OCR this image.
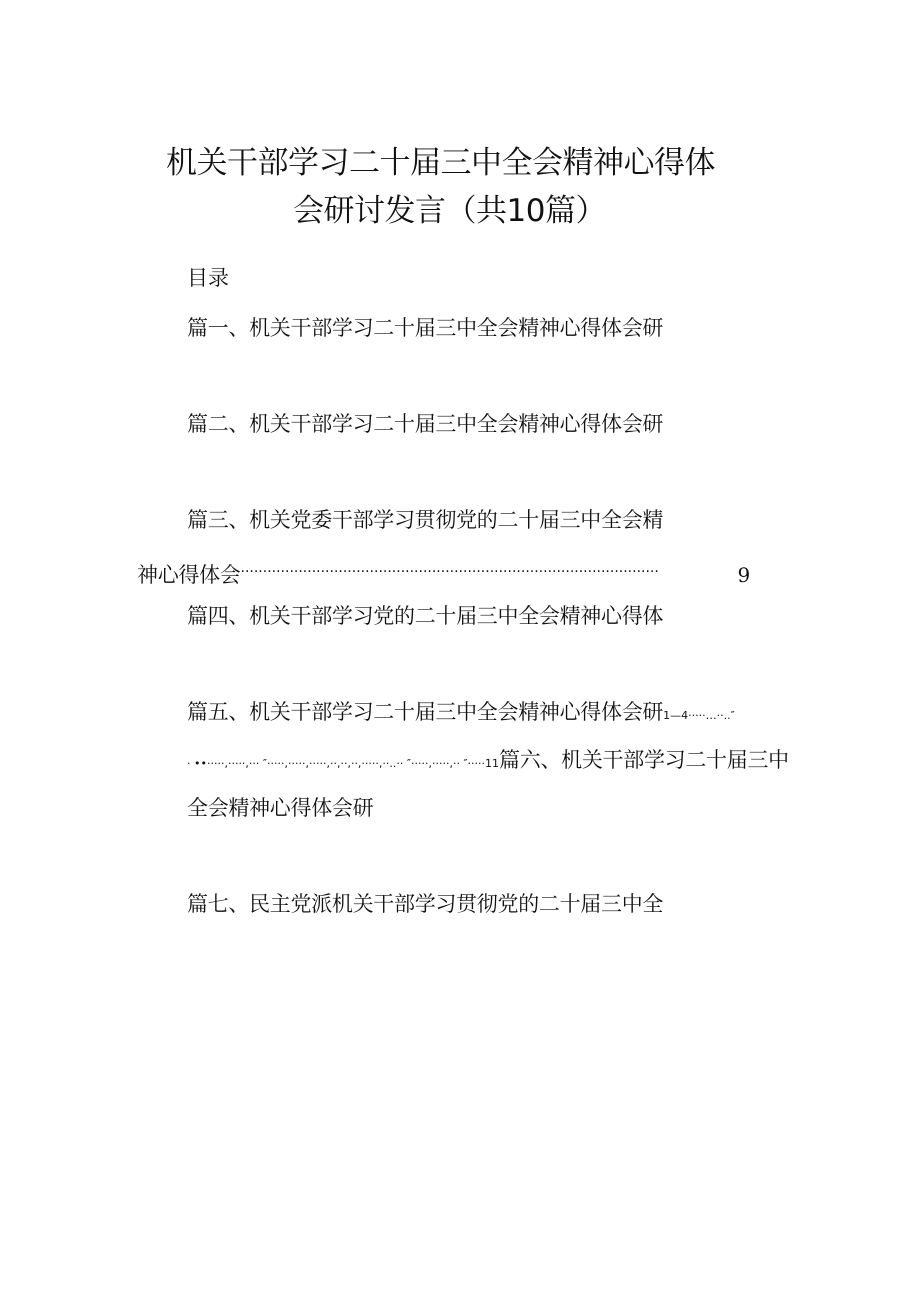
机关干部学习二十届三中全会精神心得体
会研讨发言（共10篇）
目录
篇一、机关干部学习二十届三中全会精神心得体会研
篇二、机关干部学习二十届三中全会精神心得体会研
篇三、机关党委干部学习贯彻党的二十届三中全会精
神心得体会..............................................................................................	9
篇四、机关干部学习党的二十届三中全会精神心得体
篇五、机关干部学习二十届三中全会精神心得体会研1—4·····…··..″
· ••·····,·····,··· ″·····,·····,·····,··,··,··,·····,··..·· ″·····,·····,·· ″·····11篇六、机关干部学习二十届三中
全会精神心得体会研
篇七、民主党派机关干部学习贯彻党的二十届三中全
